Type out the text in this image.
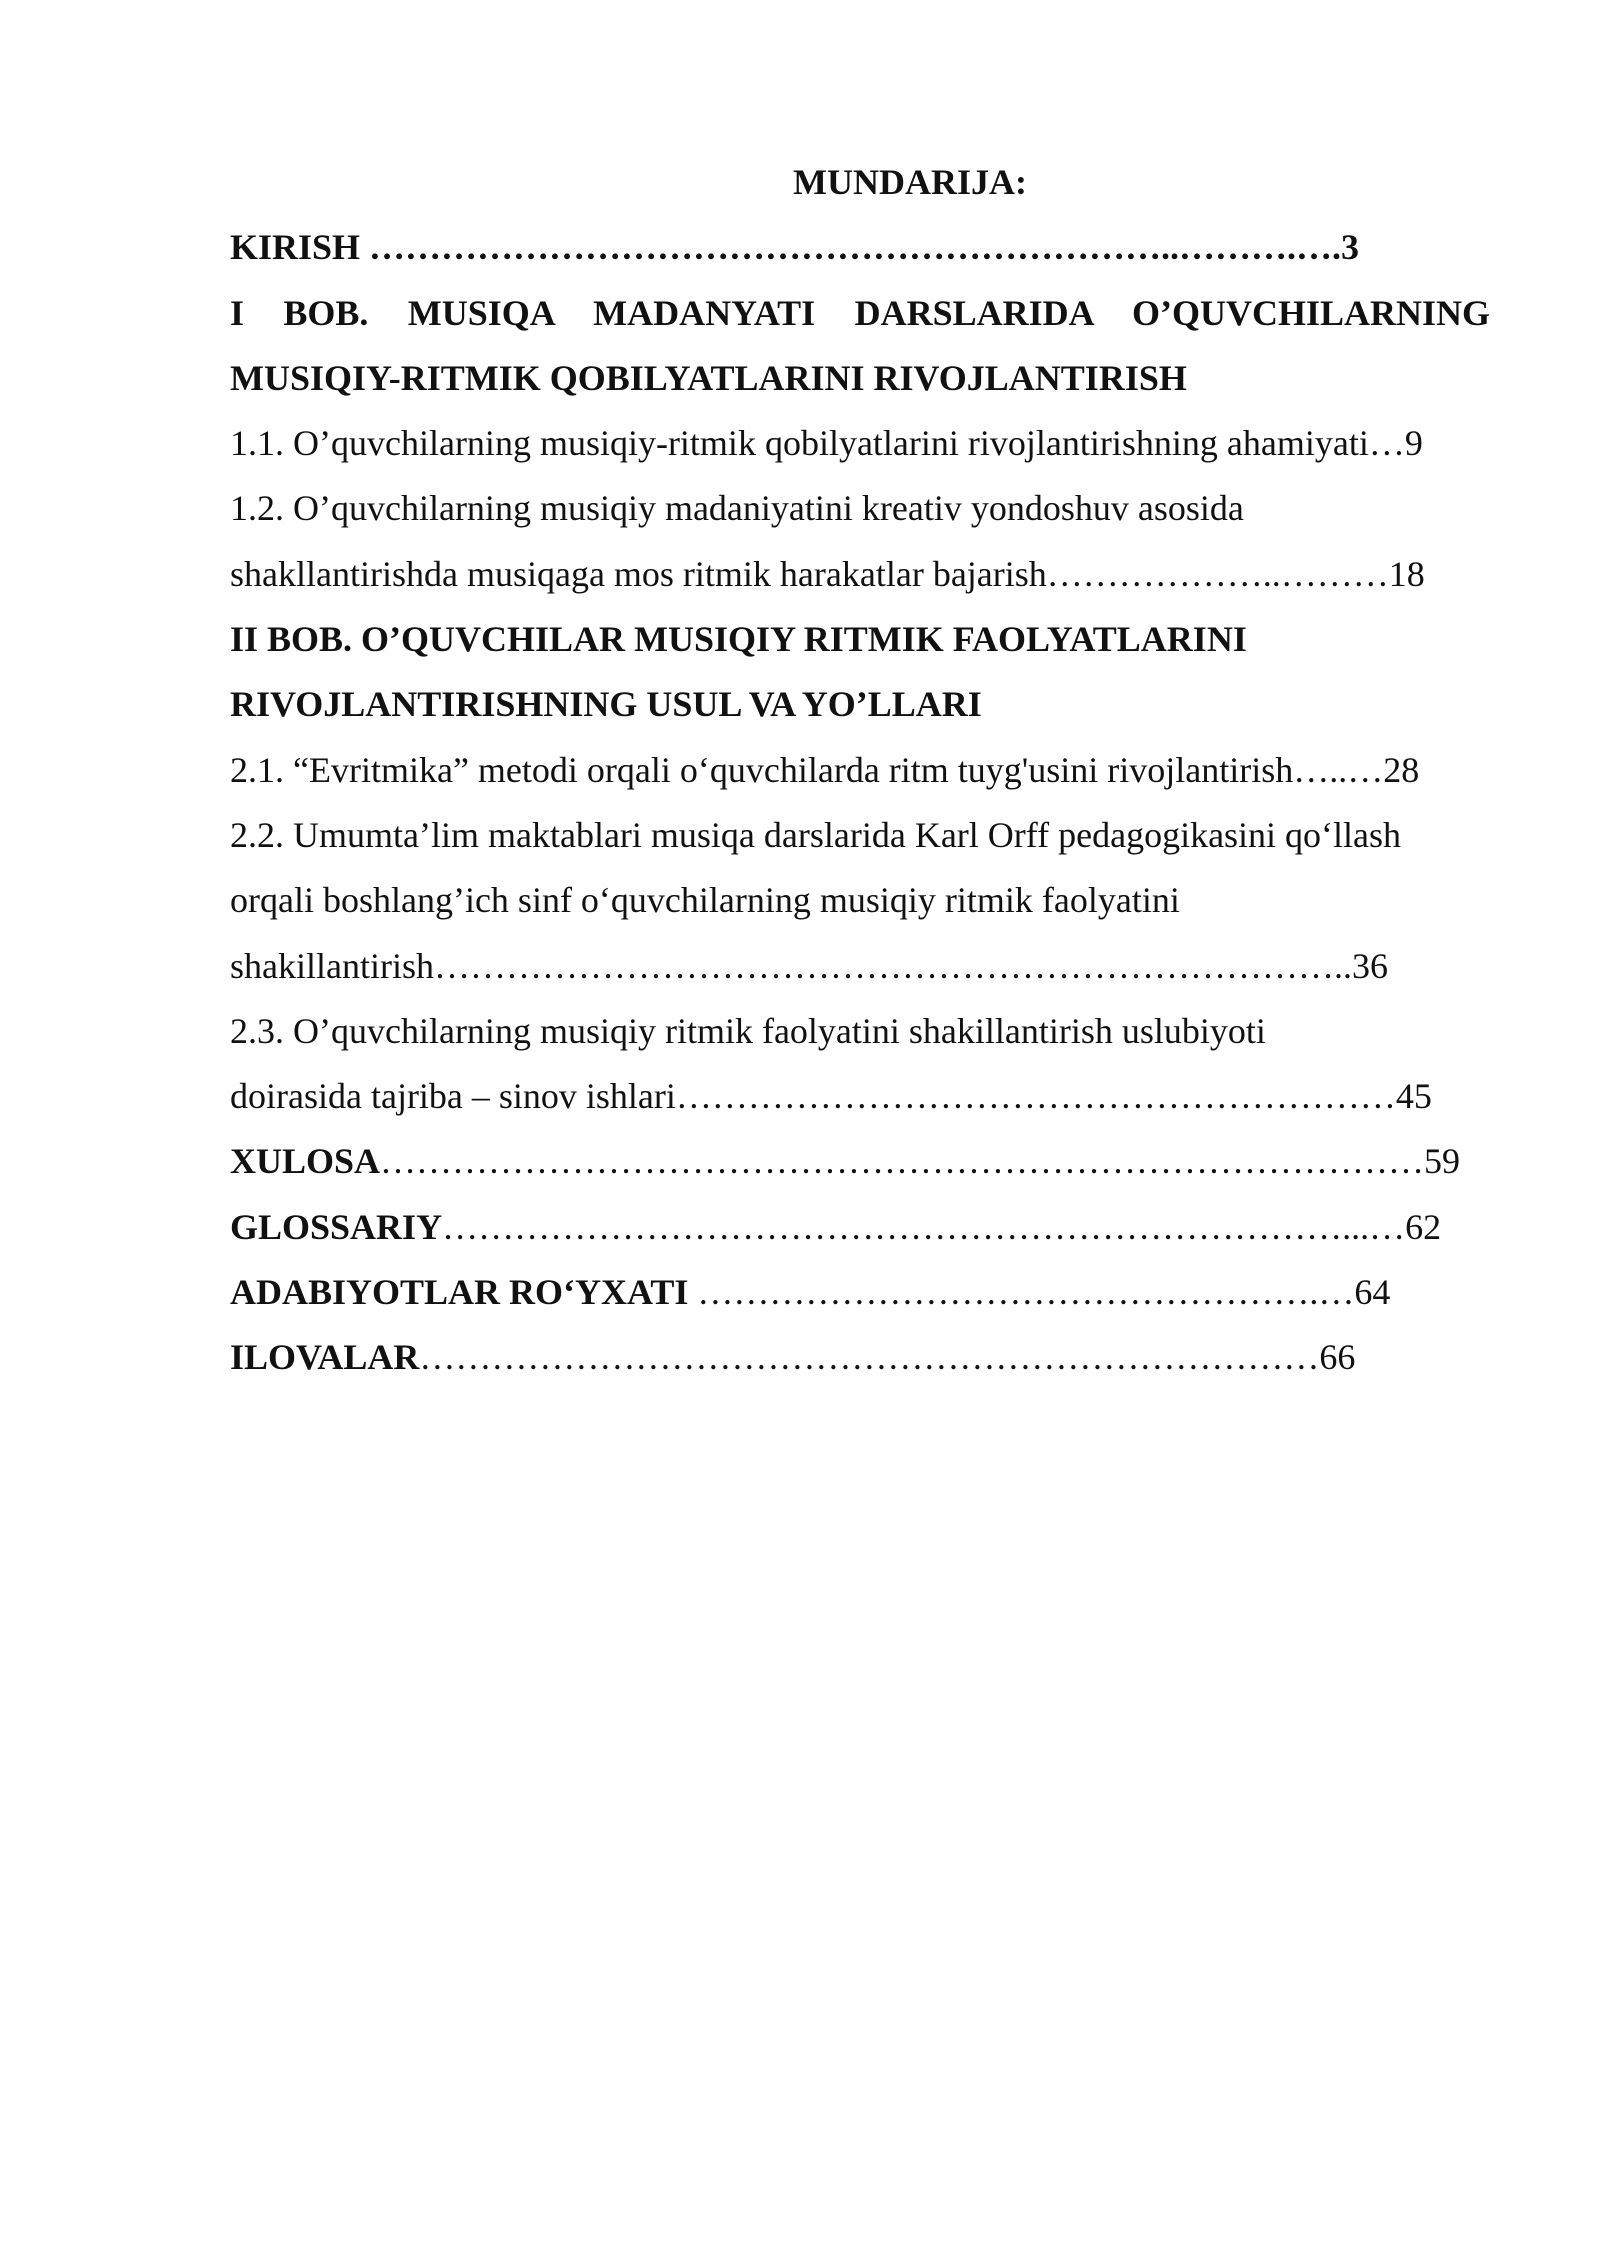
MUNDARIJA:
KIRISH …………………………………………………………..……….….3
I BOB. MUSIQA MADANYATI DARSLARIDA O’QUVCHILARNING
MUSIQIY-RITMIK QOBILYATLARINI RIVOJLANTIRISH
1.1. O’quvchilarning musiqiy-ritmik qobilyatlarini rivojlantirishning ahamiyati…9
1.2. O’quvchilarning musiqiy madaniyatini kreativ yondoshuv asosida
shakllantirishda musiqaga mos ritmik harakatlar bajarish………………..………18
II BOB. O’QUVCHILAR MUSIQIY RITMIK FAOLYATLARINI
RIVOJLANTIRISHNING USUL VA YO’LLARI
2.1. “Evritmika” metodi orqali o‘quvchilarda ritm tuyg'usini rivojlantirish…..…28
2.2. Umumta’lim maktablari musiqa darslarida Karl Orff pedagogikasini qo‘llash
orqali boshlang’ich sinf o‘quvchilarning musiqiy ritmik faolyatini
shakillantirish…………………………………………………………………..36
2.3. O’quvchilarning musiqiy ritmik faolyatini shakillantirish uslubiyoti
doirasida tajriba – sinov ishlari……………………………………………………45
XULOSA……………………………………………………………………………59
GLOSSARIY…………………………………………………………………...…62
ADABIYOTLAR RO‘YXATI …………………………………………….…64
ILOVALAR…………………………………………………………………66
